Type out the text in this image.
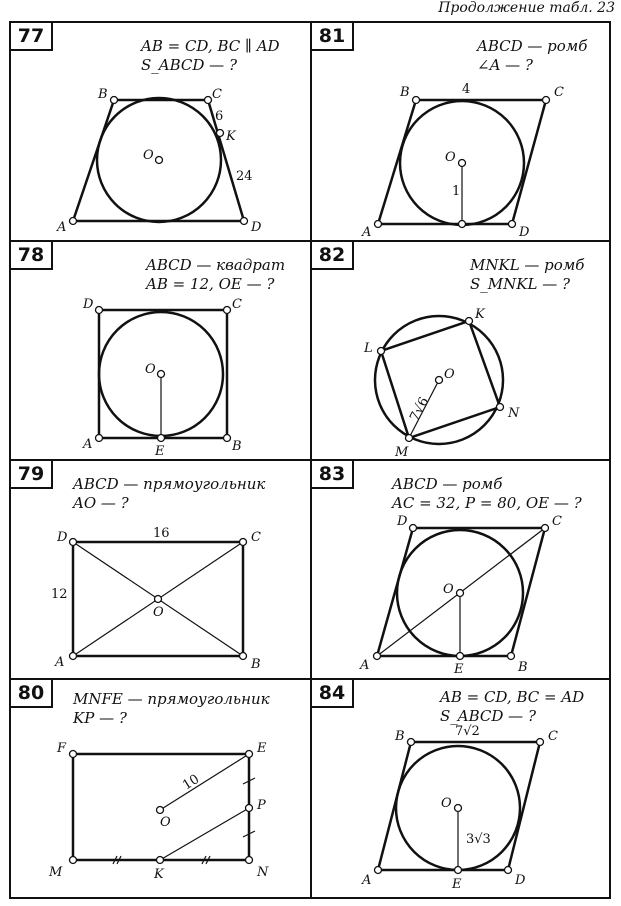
Продолжение табл. 23
77	AB = CD, BC ∥ AD
S_ABCD — ?
B	C
A	D
O
K
6
24
81	ABCD — ромб
∠A — ?
B	C
A	D
O
4
1
78	ABCD — квадрат
AB = 12, OE — ?
D	C
A	B
O
E
82	MNKL — ромб
S_MNKL — ?
K
L
M
N
O
7√6
79	ABCD — прямоугольник
AO — ?
D	C
A	B
O
16
12
83	ABCD — ромб
AC = 32, P = 80, OE — ?
D	C
A	B
O
E
80	MNFE — прямоугольник
KP — ?
F	E
M	N
K
P
O
10
84	AB = CD, BC = AD
S_ABCD — ?
B	C
A	D
O
E
7√2
3√3
